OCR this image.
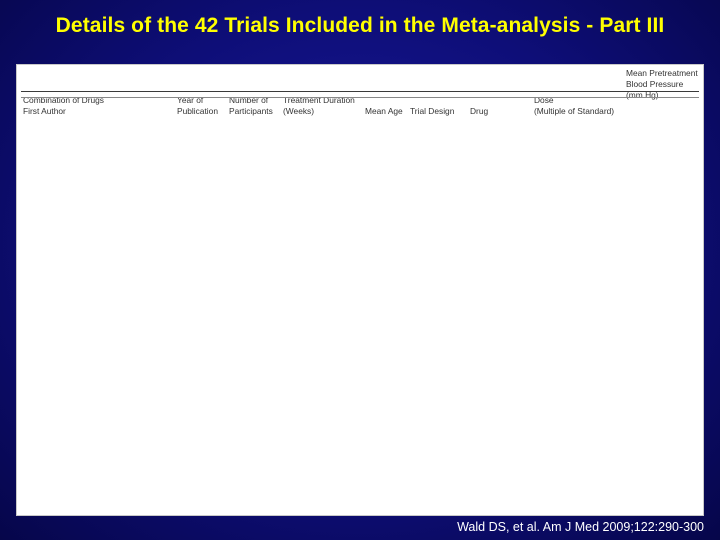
Details of the 42 Trials Included in the Meta-analysis - Part III
Combination of Drugs
First Author
Year of
Publication
Number of
Participants
Treatment Duration
(Weeks)	Mean Age Trial Design Drug
Dose
(Multiple of Standard)
Mean Pretreatment
Blood Pressure
(mm Hg)
Wald DS, et al. Am J Med 2009;122:290-300
